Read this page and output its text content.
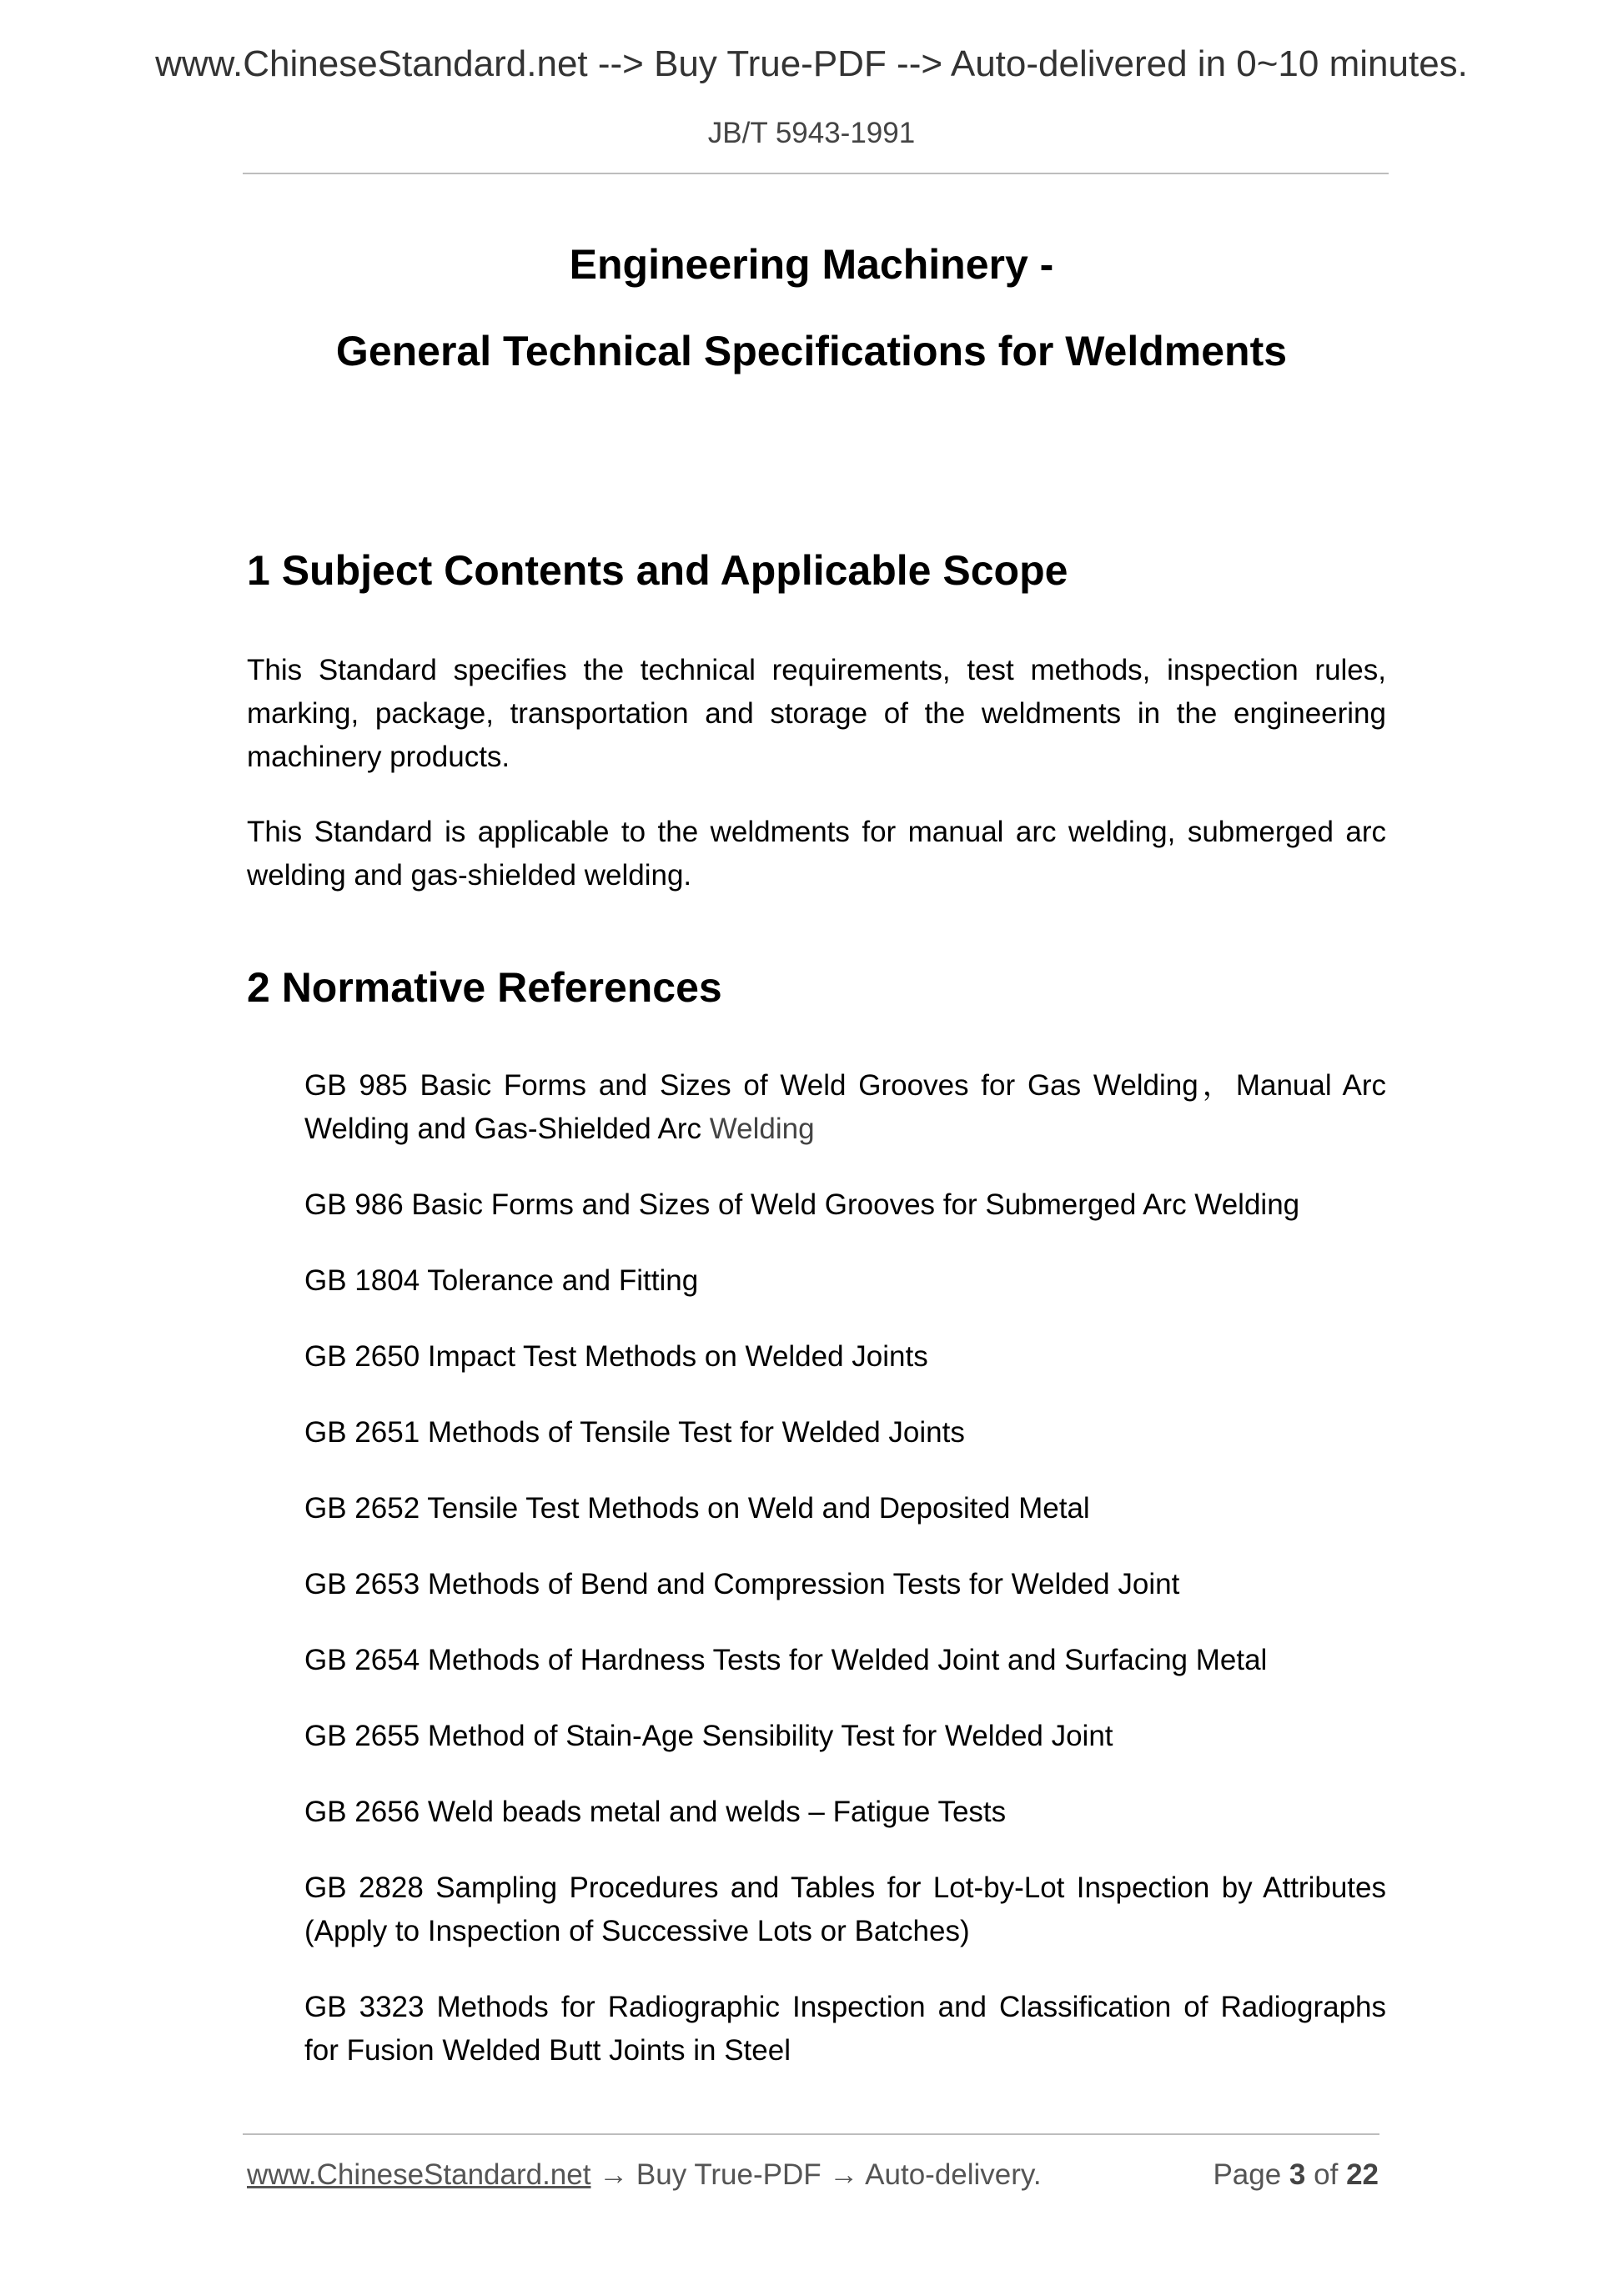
www.ChineseStandard.net --> Buy True-PDF --> Auto-delivered in 0~10 minutes.
JB/T 5943-1991
Engineering Machinery -
General Technical Specifications for Weldments
1 Subject Contents and Applicable Scope

This Standard specifies the technical requirements, test methods, inspection rules, marking, package, transportation and storage of the weldments in the engineering machinery products.

This Standard is applicable to the weldments for manual arc welding, submerged arc welding and gas-shielded welding.

2 Normative References

GB 985 Basic Forms and Sizes of Weld Grooves for Gas Welding，Manual Arc Welding and Gas-Shielded Arc Welding

GB 986 Basic Forms and Sizes of Weld Grooves for Submerged Arc Welding

GB 1804 Tolerance and Fitting

GB 2650 Impact Test Methods on Welded Joints

GB 2651 Methods of Tensile Test for Welded Joints

GB 2652 Tensile Test Methods on Weld and Deposited Metal

GB 2653 Methods of Bend and Compression Tests for Welded Joint

GB 2654 Methods of Hardness Tests for Welded Joint and Surfacing Metal

GB 2655 Method of Stain-Age Sensibility Test for Welded Joint

GB 2656 Weld beads metal and welds – Fatigue Tests

GB 2828 Sampling Procedures and Tables for Lot-by-Lot Inspection by Attributes (Apply to Inspection of Successive Lots or Batches)

GB 3323 Methods for Radiographic Inspection and Classification of Radiographs for Fusion Welded Butt Joints in Steel

www.ChineseStandard.net → Buy True-PDF → Auto-delivery.	Page 3 of 22
